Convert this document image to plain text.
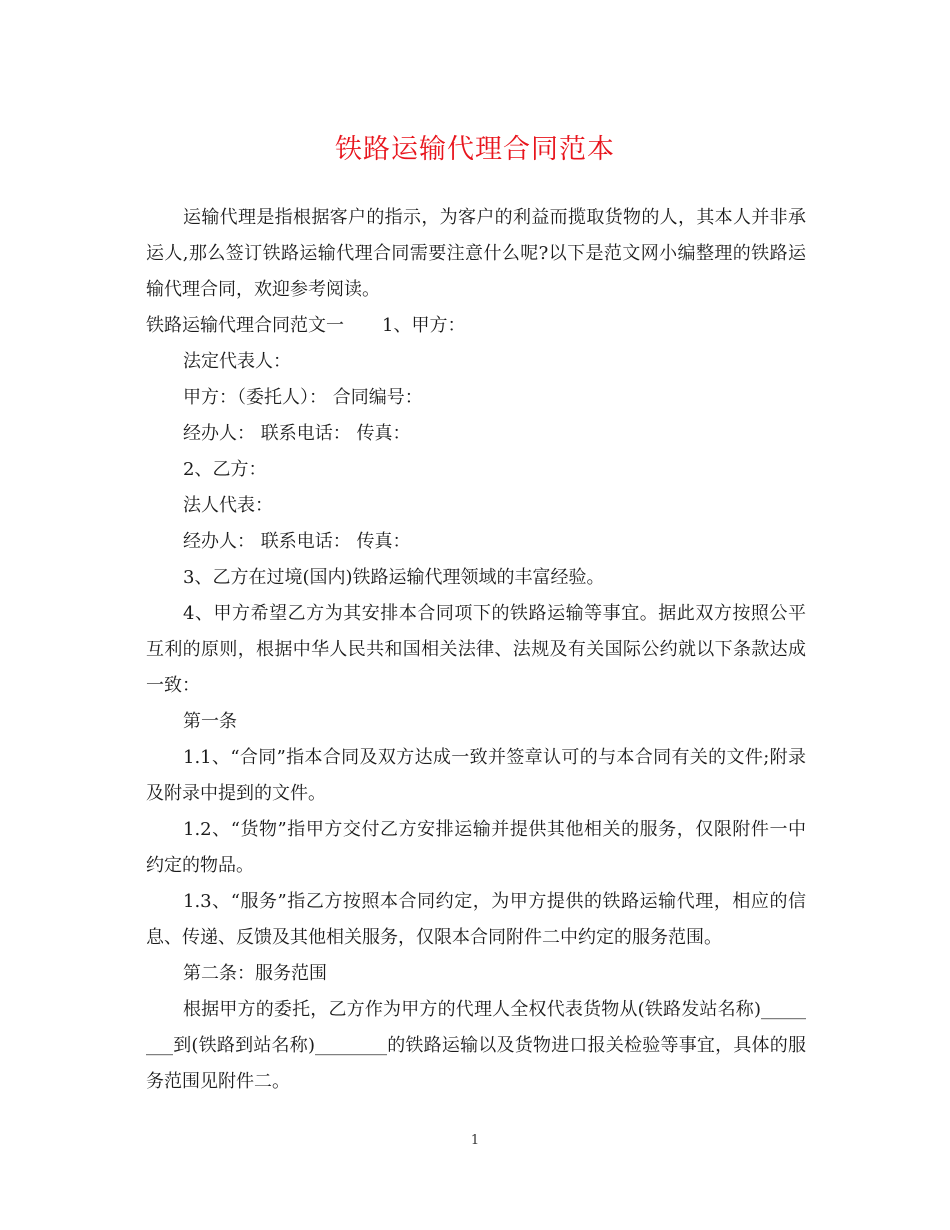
铁路运输代理合同范本

运输代理是指根据客户的指示，为客户的利益而揽取货物的人，其本人并非承运人,那么签订铁路运输代理合同需要注意什么呢?以下是范文网小编整理的铁路运输代理合同，欢迎参考阅读。

铁路运输代理合同范文一 1、甲方：

法定代表人：

甲方：（委托人）： 合同编号：

经办人： 联系电话： 传真：

2、乙方：

法人代表：

经办人： 联系电话： 传真：

3、乙方在过境(国内)铁路运输代理领域的丰富经验。

4、甲方希望乙方为其安排本合同项下的铁路运输等事宜。据此双方按照公平互利的原则，根据中华人民共和国相关法律、法规及有关国际公约就以下条款达成一致：

第一条

1.1、“合同”指本合同及双方达成一致并签章认可的与本合同有关的文件;附录及附录中提到的文件。

1.2、“货物”指甲方交付乙方安排运输并提供其他相关的服务，仅限附件一中约定的物品。

1.3、“服务”指乙方按照本合同约定，为甲方提供的铁路运输代理，相应的信息、传递、反馈及其他相关服务，仅限本合同附件二中约定的服务范围。

第二条：服务范围

根据甲方的委托，乙方作为甲方的代理人全权代表货物从(铁路发站名称)________到(铁路到站名称)________的铁路运输以及货物进口报关检验等事宜，具体的服务范围见附件二。

1
